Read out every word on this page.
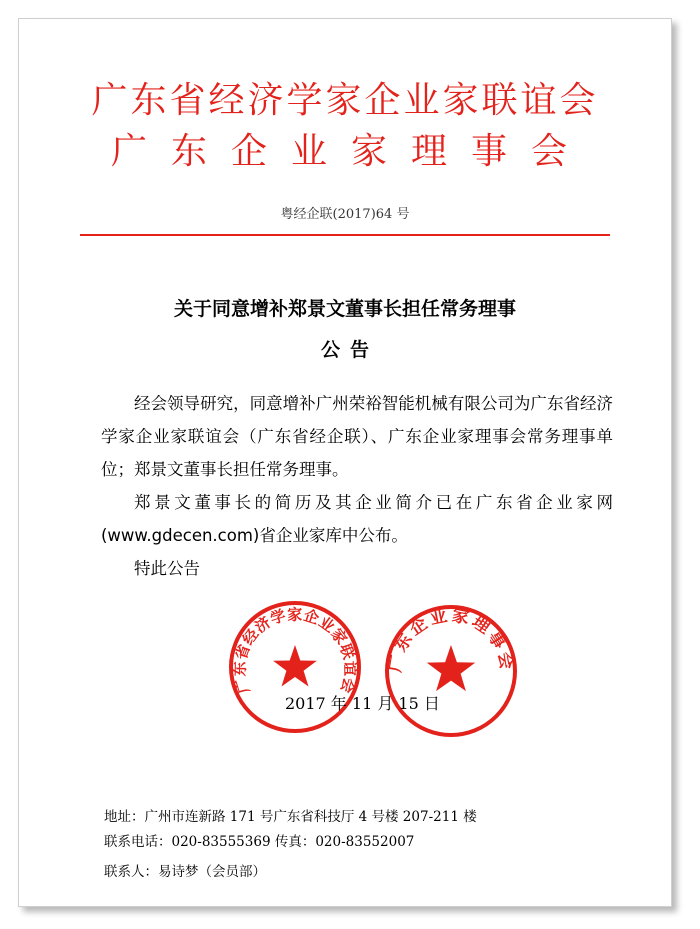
广东省经济学家企业家联谊会
广东企业家理事会
粤经企联(2017)64 号
关于同意增补郑景文董事长担任常务理事
公告

经会领导研究，同意增补广州荣裕智能机械有限公司为广东省经济学家企业家联谊会（广东省经企联）、广东企业家理事会常务理事单位；郑景文董事长担任常务理事。

郑景文董事长的简历及其企业简介已在广东省企业家网(www.gdecen.com)省企业家库中公布。

特此公告

广东省经济学家企业家联谊会
广东企业家理事会
2017 年 11 月 15 日
地址：广州市连新路 171 号广东省科技厅 4 号楼 207-211 楼
联系电话：020-83555369 传真：020-83552007
联系人：易诗梦（会员部）
